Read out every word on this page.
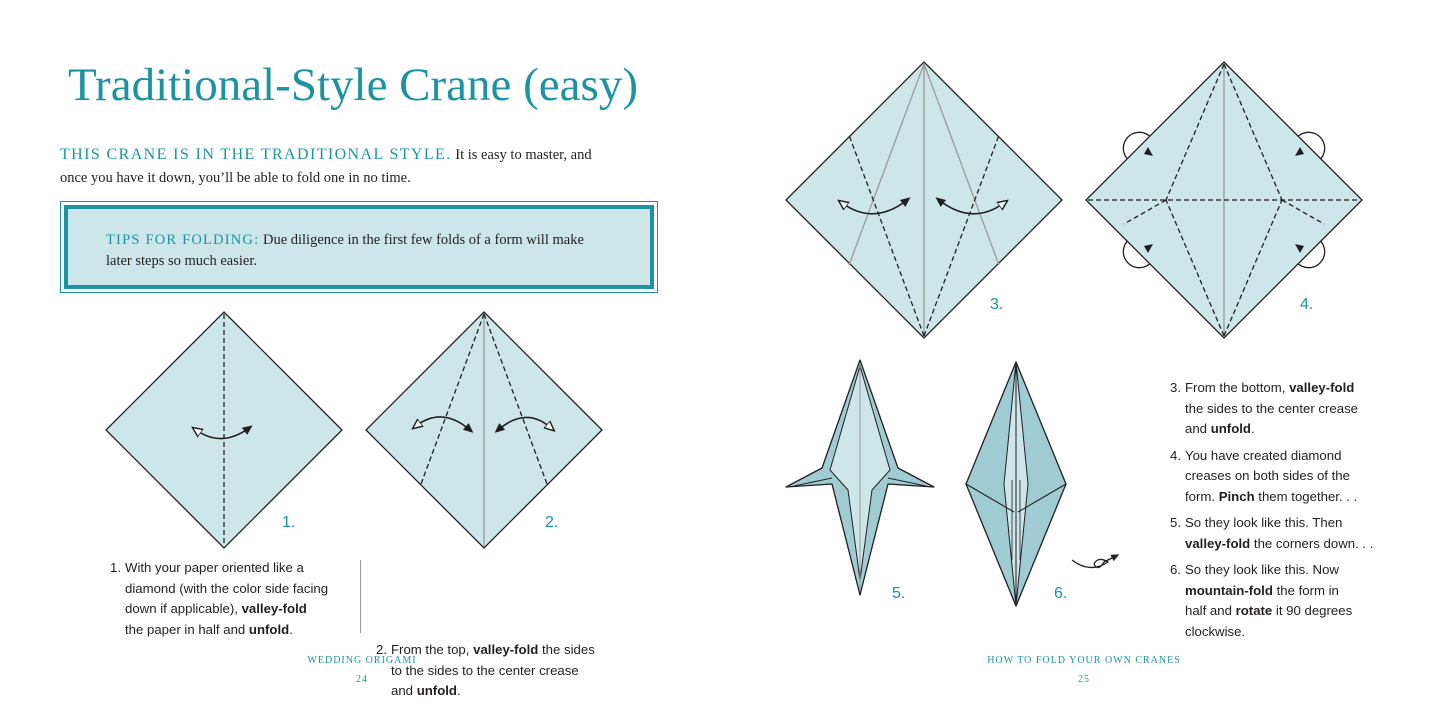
Traditional-Style Crane (easy)
THIS CRANE IS IN THE TRADITIONAL STYLE. It is easy to master, and
once you have it down, you’ll be able to fold one in no time.
TIPS FOR FOLDING: Due diligence in the first few folds of a form will make
later steps so much easier.
1.	2.
3.	4.
5.	6.
1. With your paper oriented like a
diamond (with the color side facing
down if applicable), valley-fold
the paper in half and unfold.
2. From the top, valley-fold the sides
to the sides to the center crease
and unfold.
3. From the bottom, valley-fold
the sides to the center crease
and unfold.
4. You have created diamond
creases on both sides of the
form. Pinch them together. . .
5. So they look like this. Then
valley-fold the corners down. . .
6. So they look like this. Now
mountain-fold the form in
half and rotate it 90 degrees
clockwise.
WEDDING ORIGAMI
24
HOW TO FOLD YOUR OWN CRANES
25
